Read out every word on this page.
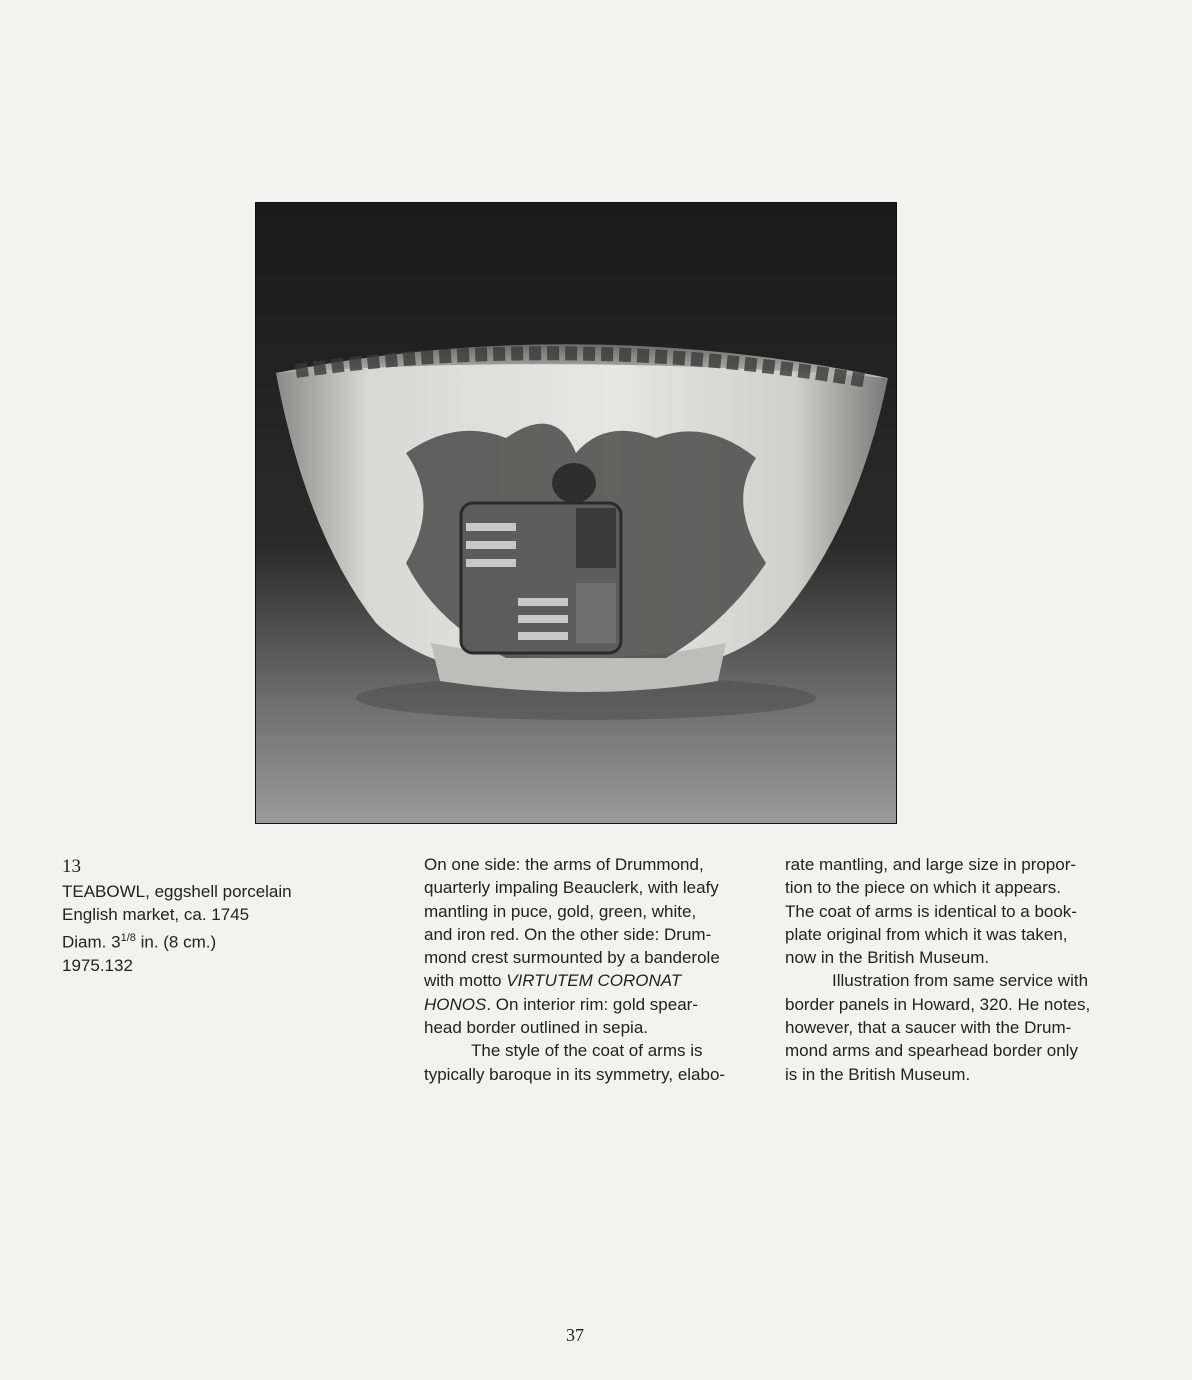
13
TEABOWL, eggshell porcelain
English market, ca. 1745
Diam. $3^{1/8}$ in. (8 cm.)
1975.132
On one side: the arms of Drummond,
quarterly impaling Beauclerk, with leafy
mantling in puce, gold, green, white,
and iron red. On the other side: Drum-
mond crest surmounted by a banderole
with motto VIRTUTEM CORONAT
HONOS. On interior rim: gold spear-
head border outlined in sepia.
The style of the coat of arms is
typically baroque in its symmetry, elabo-
rate mantling, and large size in propor-
tion to the piece on which it appears.
The coat of arms is identical to a book-
plate original from which it was taken,
now in the British Museum.
Illustration from same service with
border panels in Howard, 320. He notes,
however, that a saucer with the Drum-
mond arms and spearhead border only
is in the British Museum.
37
